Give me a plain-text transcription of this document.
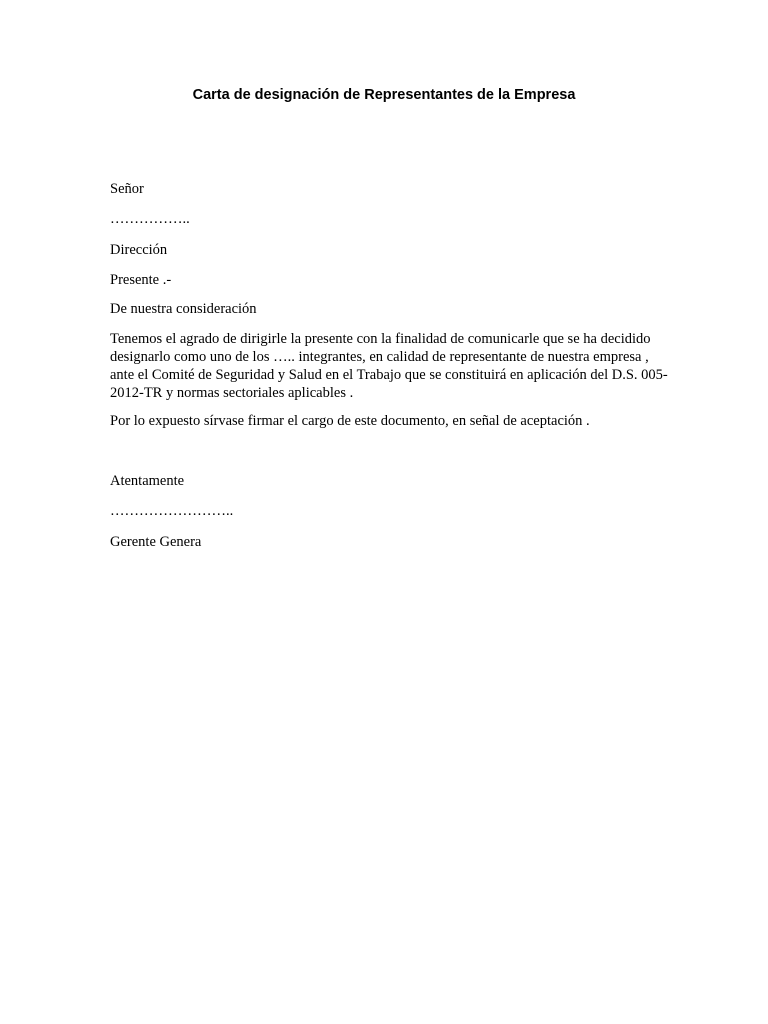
Carta de designación de Representantes de la Empresa

Señor

……………..

Dirección

Presente .-

De nuestra consideración

Tenemos el agrado de dirigirle la presente con la finalidad de comunicarle que se ha decidido
designarlo como uno de los ….. integrantes, en calidad de representante de nuestra empresa ,
ante el Comité de Seguridad y Salud en el Trabajo que se constituirá en aplicación del D.S. 005-
2012-TR y normas sectoriales aplicables .

Por lo expuesto sírvase firmar el cargo de este documento, en señal de aceptación .

Atentamente

……………………..

Gerente Genera
